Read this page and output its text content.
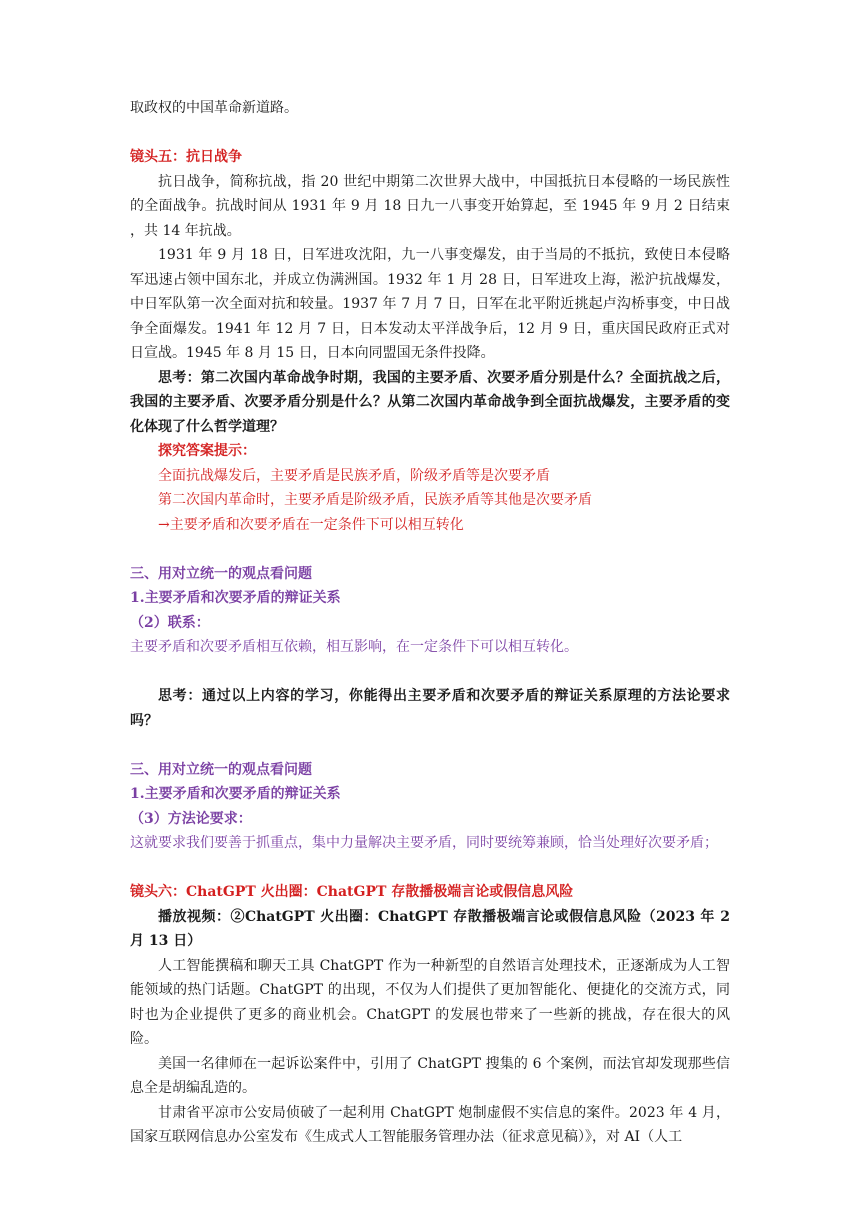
取政权的中国革命新道路。

镜头五：抗日战争

抗日战争，简称抗战，指 20 世纪中期第二次世界大战中，中国抵抗日本侵略的一场民族性的全面战争。抗战时间从 1931 年 9 月 18 日九一八事变开始算起，至 1945 年 9 月 2 日结束 ，共 14 年抗战。

1931 年 9 月 18 日，日军进攻沈阳，九一八事变爆发，由于当局的不抵抗，致使日本侵略军迅速占领中国东北，并成立伪满洲国。1932 年 1 月 28 日，日军进攻上海，淞沪抗战爆发，中日军队第一次全面对抗和较量。1937 年 7 月 7 日，日军在北平附近挑起卢沟桥事变，中日战争全面爆发。1941 年 12 月 7 日，日本发动太平洋战争后，12 月 9 日，重庆国民政府正式对日宣战。1945 年 8 月 15 日，日本向同盟国无条件投降。

思考：第二次国内革命战争时期，我国的主要矛盾、次要矛盾分别是什么？全面抗战之后，我国的主要矛盾、次要矛盾分别是什么？从第二次国内革命战争到全面抗战爆发，主要矛盾的变化体现了什么哲学道理？

探究答案提示：

全面抗战爆发后，主要矛盾是民族矛盾，阶级矛盾等是次要矛盾

第二次国内革命时，主要矛盾是阶级矛盾，民族矛盾等其他是次要矛盾

→主要矛盾和次要矛盾在一定条件下可以相互转化

三、用对立统一的观点看问题

1.主要矛盾和次要矛盾的辩证关系

（2）联系：

主要矛盾和次要矛盾相互依赖，相互影响，在一定条件下可以相互转化。

思考：通过以上内容的学习，你能得出主要矛盾和次要矛盾的辩证关系原理的方法论要求吗？

三、用对立统一的观点看问题

1.主要矛盾和次要矛盾的辩证关系

（3）方法论要求：

这就要求我们要善于抓重点，集中力量解决主要矛盾，同时要统筹兼顾，恰当处理好次要矛盾；

镜头六：ChatGPT 火出圈：ChatGPT 存散播极端言论或假信息风险

播放视频：②ChatGPT 火出圈：ChatGPT 存散播极端言论或假信息风险（2023 年 2 月 13 日）

人工智能撰稿和聊天工具 ChatGPT 作为一种新型的自然语言处理技术，正逐渐成为人工智能领域的热门话题。ChatGPT 的出现，不仅为人们提供了更加智能化、便捷化的交流方式，同时也为企业提供了更多的商业机会。ChatGPT 的发展也带来了一些新的挑战，存在很大的风险。

美国一名律师在一起诉讼案件中，引用了 ChatGPT 搜集的 6 个案例，而法官却发现那些信息全是胡编乱造的。

甘肃省平凉市公安局侦破了一起利用 ChatGPT 炮制虚假不实信息的案件。2023 年 4 月，国家互联网信息办公室发布《生成式人工智能服务管理办法（征求意见稿）》，对 AI（人工
